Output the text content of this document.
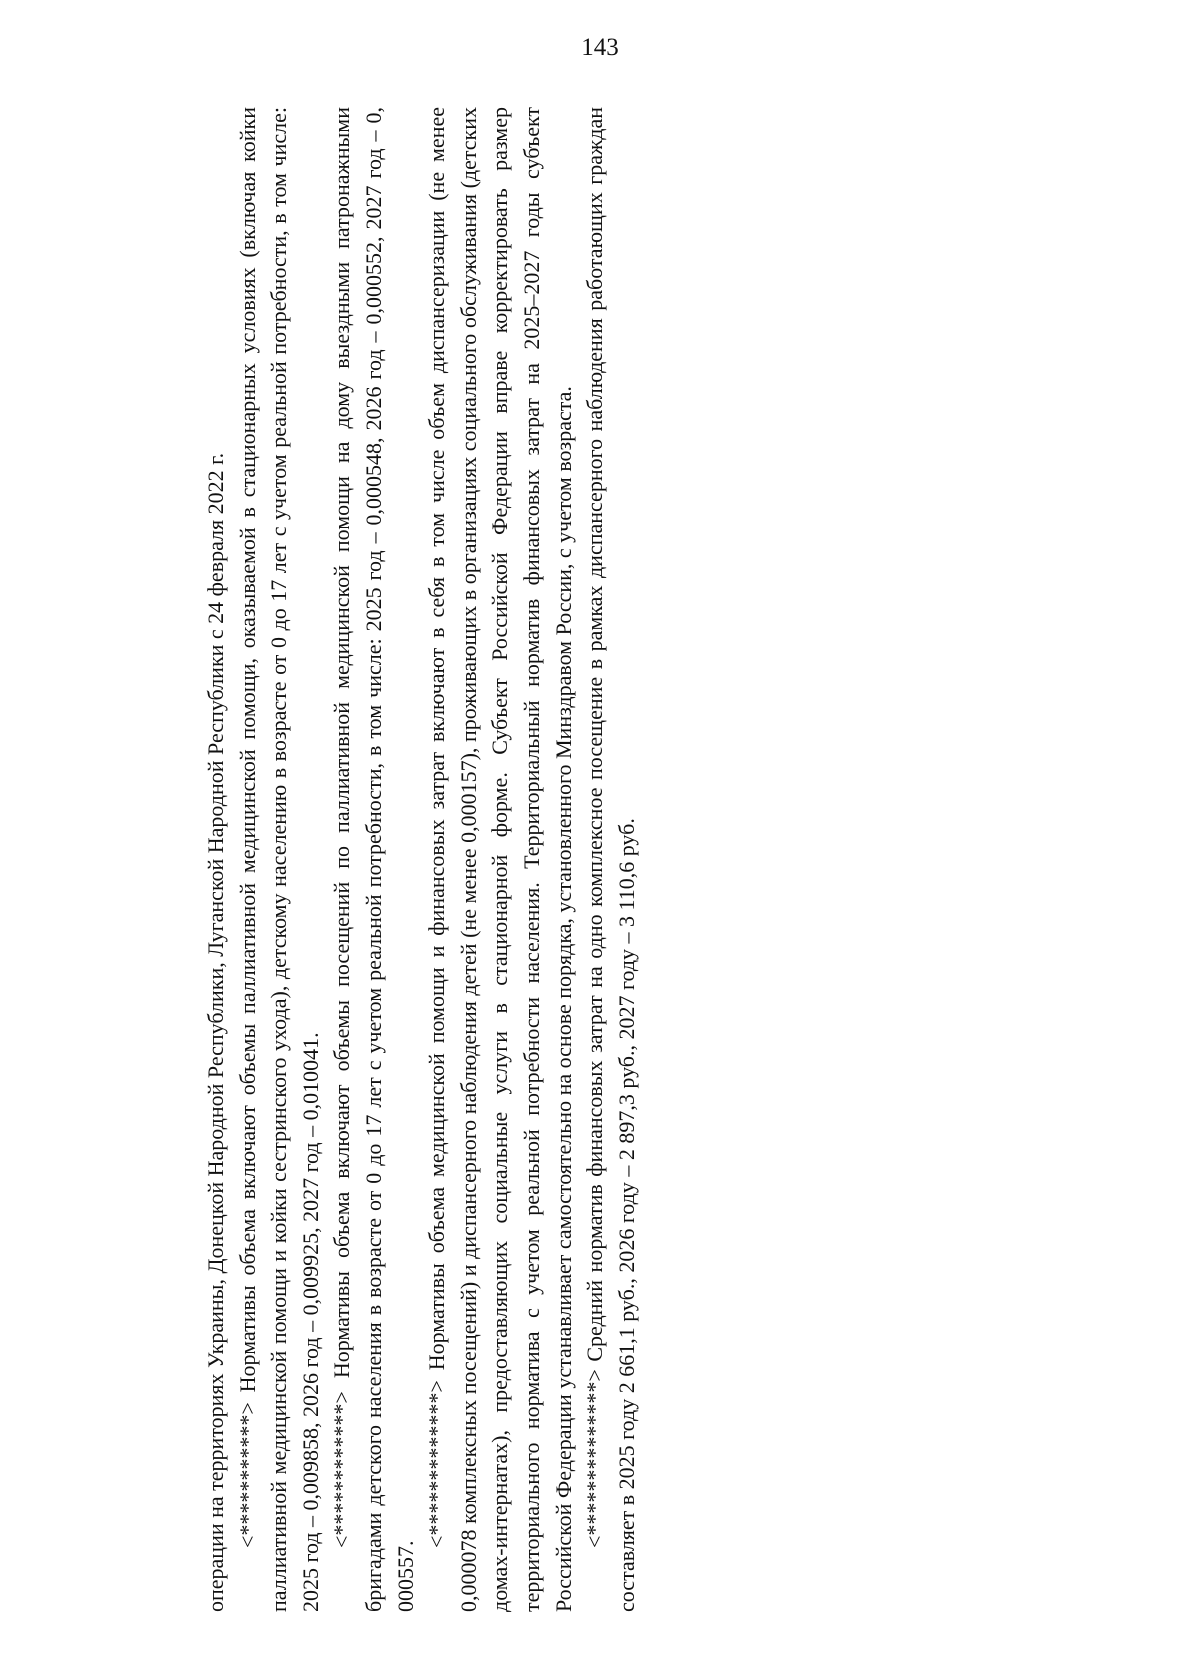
143

операции на территориях Украины, Донецкой Народной Республики, Луганской Народной Республики с 24 февраля 2022 г. <***********> Нормативы объема включают объемы паллиативной медицинской помощи, оказываемой в стационарных условиях (включая койки паллиативной медицинской помощи и койки сестринского ухода), детскому населению в возрасте от 0 до 17 лет с учетом реальной потребности, в том числе: 2025 год – 0,009858, 2026 год – 0,009925, 2027 год – 0,010041. <************> Нормативы объема включают объемы посещений по паллиативной медицинской помощи на дому выездными патронажными бригадами детского населения в возрасте от 0 до 17 лет с учетом реальной потребности, в том числе: 2025 год – 0,000548, 2026 год – 0,000552, 2027 год – 0, 000557.

<*************> Нормативы объема медицинской помощи и финансовых затрат включают в себя в том числе объем диспансеризации (не менее 0,000078 комплексных посещений) и диспансерного наблюдения детей (не менее 0,000157), проживающих в организациях социального обслуживания (детских домах-интернатах), предоставляющих социальные услуги в стационарной форме. Субъект Российской Федерации вправе корректировать размер территориального норматива с учетом реальной потребности населения. Территориальный норматив финансовых затрат на 2025–2027 годы субъект Российской Федерации устанавливает самостоятельно на основе порядка, установленного Минздравом России, с учетом возраста. <**************> Средний норматив финансовых затрат на одно комплексное посещение в рамках диспансерного наблюдения работающих граждан составляет в 2025 году 2 661,1 руб., 2026 году – 2 897,3 руб., 2027 году – 3 110,6 руб.
